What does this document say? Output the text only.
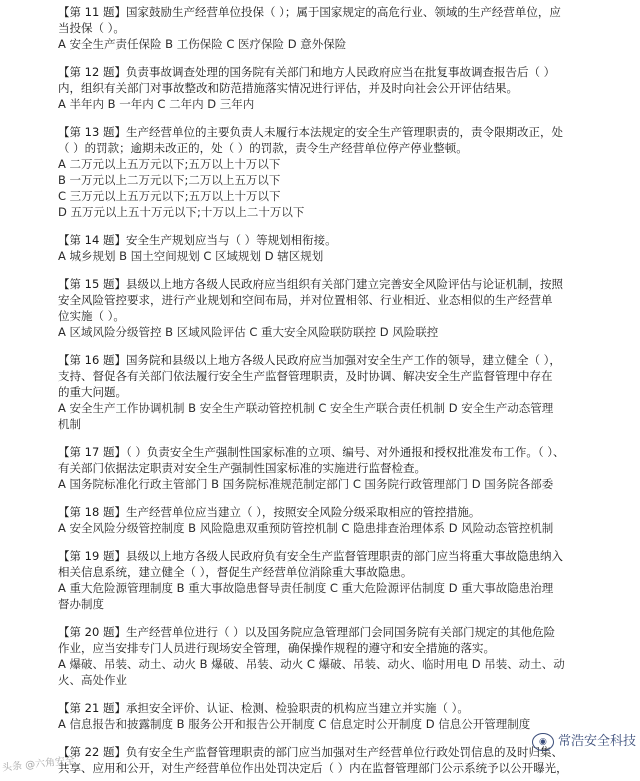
【第 11 题】国家鼓励生产经营单位投保（ ）；属于国家规定的高危行业、领域的生产经营单位，应
当投保（ ）。
A 安全生产责任保险 B 工伤保险 C 医疗保险 D 意外保险
【第 12 题】负责事故调查处理的国务院有关部门和地方人民政府应当在批复事故调查报告后（ ）
内，组织有关部门对事故整改和防范措施落实情况进行评估，并及时向社会公开评估结果。
A 半年内 B 一年内 C 二年内 D 三年内
【第 13 题】生产经营单位的主要负责人未履行本法规定的安全生产管理职责的，责令限期改正，处
（ ）的罚款；逾期未改正的，处（ ）的罚款，责令生产经营单位停产停业整顿。
A 二万元以上五万元以下;五万以上十万以下
B 一万元以上二万元以下;二万以上五万以下
C 三万元以上五万元以下;五万以上十万以下
D 五万元以上五十万元以下;十万以上二十万以下
【第 14 题】安全生产规划应当与（ ）等规划相衔接。
A 城乡规划 B 国土空间规划 C 区域规划 D 辖区规划
【第 15 题】县级以上地方各级人民政府应当组织有关部门建立完善安全风险评估与论证机制，按照
安全风险管控要求，进行产业规划和空间布局，并对位置相邻、行业相近、业态相似的生产经营单
位实施（ ）。
A 区域风险分级管控 B 区域风险评估 C 重大安全风险联防联控 D 风险联控
【第 16 题】国务院和县级以上地方各级人民政府应当加强对安全生产工作的领导，建立健全（ ），
支持、督促各有关部门依法履行安全生产监督管理职责，及时协调、解决安全生产监督管理中存在
的重大问题。
A 安全生产工作协调机制 B 安全生产联动管控机制 C 安全生产联合责任机制 D 安全生产动态管理
机制
【第 17 题】（ ）负责安全生产强制性国家标准的立项、编号、对外通报和授权批准发布工作。（ ）、
有关部门依据法定职责对安全生产强制性国家标准的实施进行监督检查。
A 国务院标准化行政主管部门 B 国务院标准规范制定部门 C 国务院行政管理部门 D 国务院各部委
【第 18 题】生产经营单位应当建立（ ），按照安全风险分级采取相应的管控措施。
A 安全风险分级管控制度 B 风险隐患双重预防管控机制 C 隐患排查治理体系 D 风险动态管控机制
【第 19 题】县级以上地方各级人民政府负有安全生产监督管理职责的部门应当将重大事故隐患纳入
相关信息系统，建立健全（ ），督促生产经营单位消除重大事故隐患。
A 重大危险源管理制度 B 重大事故隐患督导责任制度 C 重大危险源评估制度 D 重大事故隐患治理
督办制度
【第 20 题】生产经营单位进行（ ）以及国务院应急管理部门会同国务院有关部门规定的其他危险
作业，应当安排专门人员进行现场安全管理，确保操作规程的遵守和安全措施的落实。
A 爆破、吊装、动土、动火 B 爆破、吊装、动火 C 爆破、吊装、动火、临时用电 D 吊装、动土、动
火、高处作业
【第 21 题】承担安全评价、认证、检测、检验职责的机构应当建立并实施（ ）。
A 信息报告和披露制度 B 服务公开和报告公开制度 C 信息定时公开制度 D 信息公开管理制度
【第 22 题】负有安全生产监督管理职责的部门应当加强对生产经营单位行政处罚信息的及时归集、
共享、应用和公开，对生产经营单位作出处罚决定后（ ）内在监督管理部门公示系统予以公开曝光，
头条 @六角安全
◉ 常浩安全科技
